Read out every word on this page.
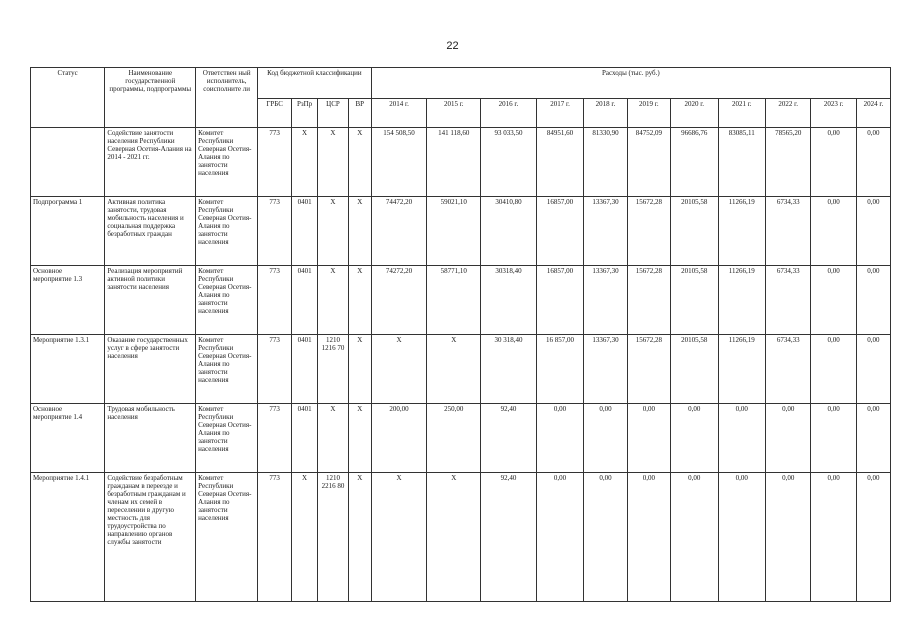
22
Статус	Наименование государственной программы, подпрограммы	Ответствен ный исполнитель, соисполните ли	Код бюджетной классификации				Расходы (тыс. руб.)										
			ГРБС	РзПр	ЦСР	ВР	2014 г.	2015 г.	2016 г.	2017 г.	2018 г.	2019 г.	2020 г.	2021 г.	2022 г.	2023 г.	2024 г.
	Содействие занятости населения Республики Северная Осетия-Алания на 2014 - 2021 гг.	Комитет Республики Северная Осетия-Алания по занятости населения	773	X	X	X	154 508,50	141 118,60	93 033,50	84951,60	81330,90	84752,09	96686,76	83085,11	78565,20	0,00	0,00
Подпрограмма 1	Активная политика занятости, трудовая мобильность населения и социальная поддержка безработных граждан	Комитет Республики Северная Осетия-Алания по занятости населения	773	0401	X	X	74472,20	59021,10	30410,80	16857,00	13367,30	15672,28	20105,58	11266,19	6734,33	0,00	0,00
Основное мероприятие 1.3	Реализация мероприятий активной политики занятости населения	Комитет Республики Северная Осетия-Алания по занятости населения	773	0401	X	X	74272,20	58771,10	30318,40	16857,00	13367,30	15672,28	20105,58	11266,19	6734,33	0,00	0,00
Мероприятие 1.3.1	Оказание государственных услуг в сфере занятости населения	Комитет Республики Северная Осетия-Алания по занятости населения	773	0401	1210 1216 70	X	X	X	30 318,40	16 857,00	13367,30	15672,28	20105,58	11266,19	6734,33	0,00	0,00
Основное мероприятие 1.4	Трудовая мобильность населения	Комитет Республики Северная Осетия-Алания по занятости населения	773	0401	X	X	200,00	250,00	92,40	0,00	0,00	0,00	0,00	0,00	0,00	0,00	0,00
Мероприятие 1.4.1	Содействие безработным гражданам в переезде и безработным гражданам и членам их семей в переселении в другую местность для трудоустройства по направлению органов службы занятости	Комитет Республики Северная Осетия-Алания по занятости населения	773	X	1210 2216 80	X	X	X	92,40	0,00	0,00	0,00	0,00	0,00	0,00	0,00	0,00
